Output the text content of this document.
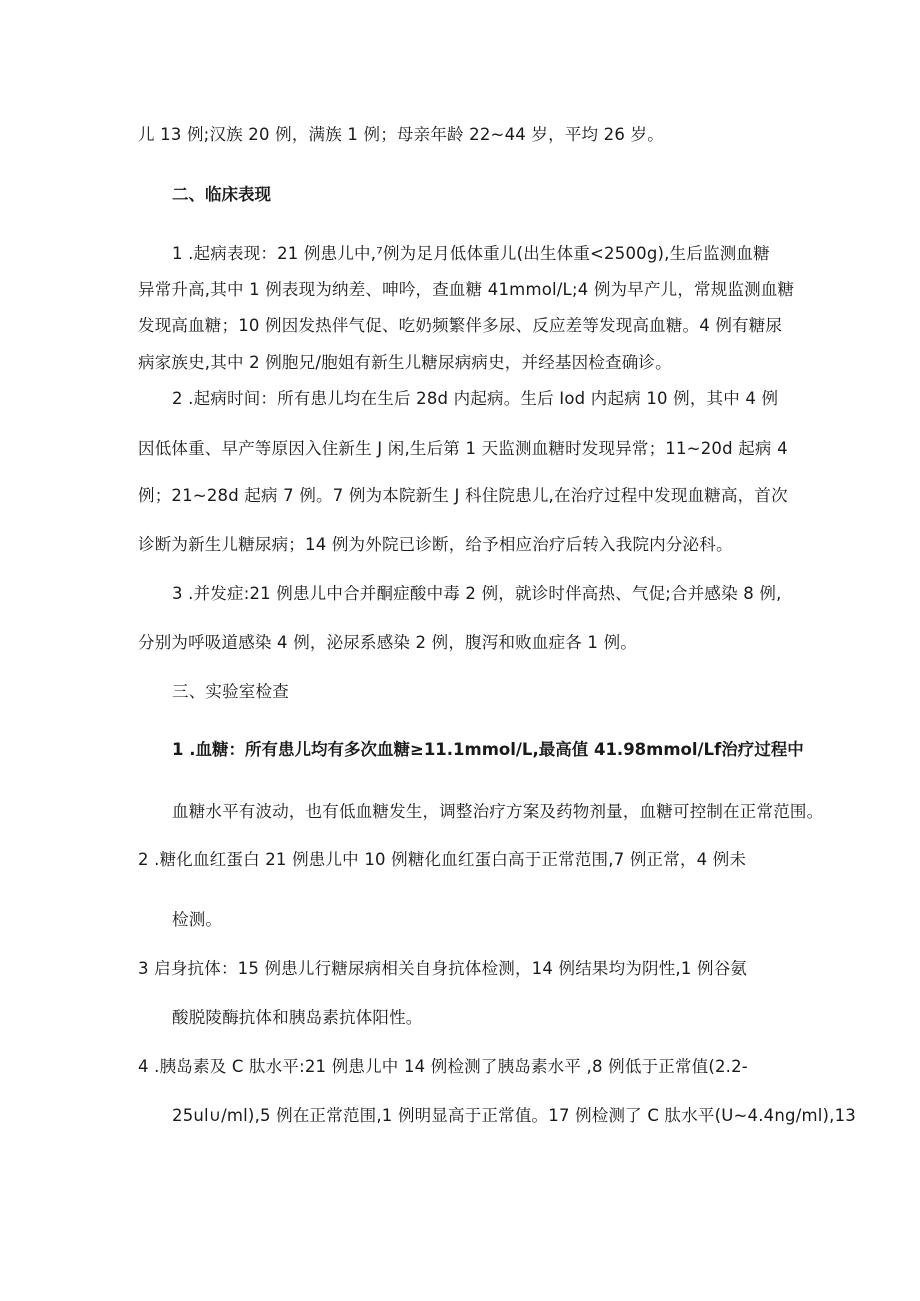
儿 13 例;汉族 20 例，满族 1 例；母亲年龄 22~44 岁，平均 26 岁。
二、临床表现
1 .起病表现：21 例患儿中,⁷例为足月低体重儿(出生体重<2500g),生后监测血糖
异常升高,其中 1 例表现为纳差、呻吟，查血糖 41mmol/L;4 例为早产儿，常规监测血糖
发现高血糖；10 例因发热伴气促、吃奶频繁伴多尿、反应差等发现高血糖。4 例有糖尿
病家族史,其中 2 例胞兄/胞姐有新生儿糖尿病病史，并经基因检查确诊。
2 .起病时间：所有患儿均在生后 28d 内起病。生后 Iod 内起病 10 例，其中 4 例
因低体重、早产等原因入住新生 J 闲,生后第 1 天监测血糖时发现异常；11~20d 起病 4
例；21~28d 起病 7 例。7 例为本院新生 J 科住院患儿,在治疗过程中发现血糖高，首次
诊断为新生儿糖尿病；14 例为外院已诊断，给予相应治疗后转入我院内分泌科。
3 .并发症:21 例患儿中合并酮症酸中毒 2 例，就诊时伴高热、气促;合并感染 8 例,
分别为呼吸道感染 4 例，泌尿系感染 2 例，腹泻和败血症各 1 例。
三、实验室检查
1 .血糖：所有患儿均有多次血糖≥11.1mmol/L,最高值 41.98mmol/Lf治疗过程中
血糖水平有波动，也有低血糖发生，调整治疗方案及药物剂量，血糖可控制在正常范围。
2 .糖化血红蛋白 21 例患儿中 10 例糖化血红蛋白高于正常范围,7 例正常，4 例未
检测。
3 启身抗体：15 例患儿行糖尿病相关自身抗体检测，14 例结果均为阴性,1 例谷氨
酸脱陵酶抗体和胰岛素抗体阳性。
4 .胰岛素及 C 肽水平:21 例患儿中 14 例检测了胰岛素水平 ,8 例低于正常值(2.2-
25ul∪/ml),5 例在正常范围,1 例明显高于正常值。17 例检测了 C 肽水平(U~4.4ng/ml),13
